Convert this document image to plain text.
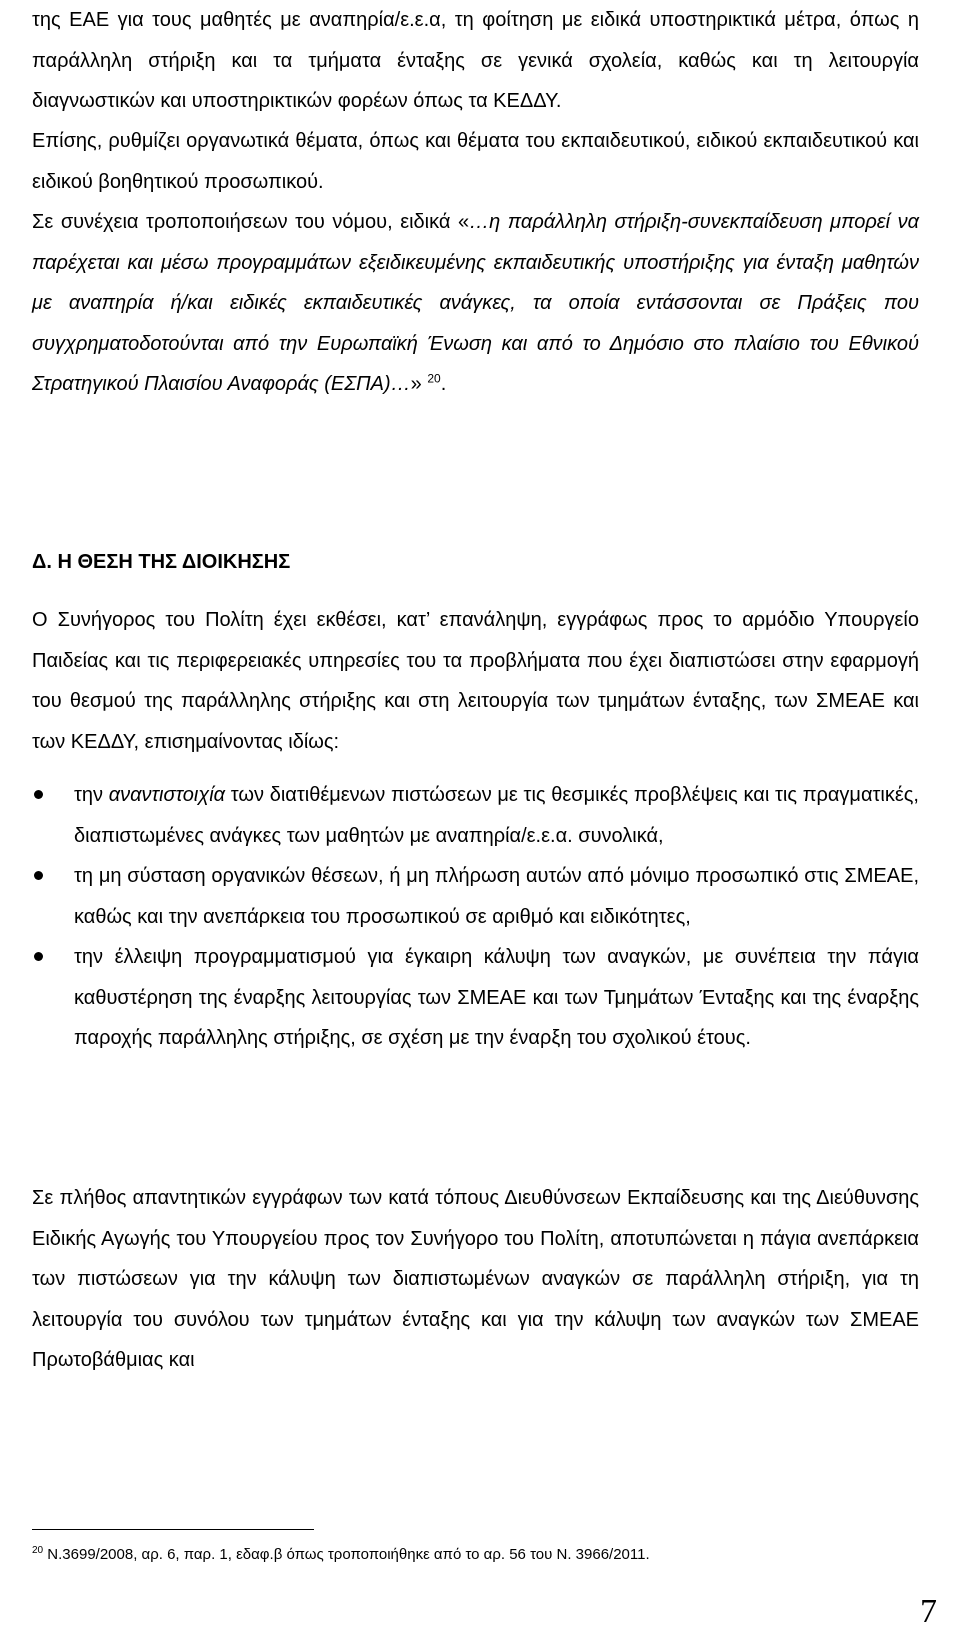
της ΕΑΕ για τους μαθητές με αναπηρία/ε.ε.α, τη φοίτηση με ειδικά υποστηρικτικά μέτρα, όπως η παράλληλη στήριξη και τα τμήματα ένταξης σε γενικά σχολεία, καθώς και τη λειτουργία διαγνωστικών και υποστηρικτικών φορέων όπως τα ΚΕΔΔΥ.

Επίσης, ρυθμίζει οργανωτικά θέματα, όπως και θέματα του εκπαιδευτικού, ειδικού εκπαιδευτικού και ειδικού βοηθητικού προσωπικού.

Σε συνέχεια τροποποιήσεων του νόμου, ειδικά «…η παράλληλη στήριξη-συνεκπαίδευση μπορεί να παρέχεται και μέσω προγραμμάτων εξειδικευμένης εκπαιδευτικής υποστήριξης για ένταξη μαθητών με αναπηρία ή/και ειδικές εκπαιδευτικές ανάγκες, τα οποία εντάσσονται σε Πράξεις που συγχρηματοδοτούνται από την Ευρωπαϊκή Ένωση και από το Δημόσιο στο πλαίσιο του Εθνικού Στρατηγικού Πλαισίου Αναφοράς (ΕΣΠΑ)…» $^{20}$.

Δ. Η ΘΕΣΗ ΤΗΣ ΔΙΟΙΚΗΣΗΣ

Ο Συνήγορος του Πολίτη έχει εκθέσει, κατ’ επανάληψη, εγγράφως προς το αρμόδιο Υπουργείο Παιδείας και τις περιφερειακές υπηρεσίες του τα προβλήματα που έχει διαπιστώσει στην εφαρμογή του θεσμού της παράλληλης στήριξης και στη λειτουργία των τμημάτων ένταξης, των ΣΜΕΑΕ και των ΚΕΔΔΥ, επισημαίνοντας ιδίως:

την αναντιστοιχία των διατιθέμενων πιστώσεων με τις θεσμικές προβλέψεις και τις πραγματικές, διαπιστωμένες ανάγκες των μαθητών με αναπηρία/ε.ε.α. συνολικά,
τη μη σύσταση οργανικών θέσεων, ή μη πλήρωση αυτών από μόνιμο προσωπικό στις ΣΜΕΑΕ, καθώς και την ανεπάρκεια του προσωπικού σε αριθμό και ειδικότητες,
την έλλειψη προγραμματισμού για έγκαιρη κάλυψη των αναγκών, με συνέπεια την πάγια καθυστέρηση της έναρξης λειτουργίας των ΣΜΕΑΕ και των Τμημάτων Ένταξης και της έναρξης παροχής παράλληλης στήριξης, σε σχέση με την έναρξη του σχολικού έτους.

Σε πλήθος απαντητικών εγγράφων των κατά τόπους Διευθύνσεων Εκπαίδευσης και της Διεύθυνσης Ειδικής Αγωγής του Υπουργείου προς τον Συνήγορο του Πολίτη, αποτυπώνεται η πάγια ανεπάρκεια των πιστώσεων για την κάλυψη των διαπιστωμένων αναγκών σε παράλληλη στήριξη, για τη λειτουργία του συνόλου των τμημάτων ένταξης και για την κάλυψη των αναγκών των ΣΜΕΑΕ Πρωτοβάθμιας και

$^{20}$ Ν.3699/2008, αρ. 6, παρ. 1, εδαφ.β όπως τροποποιήθηκε από το αρ. 56 του Ν. 3966/2011.
7
